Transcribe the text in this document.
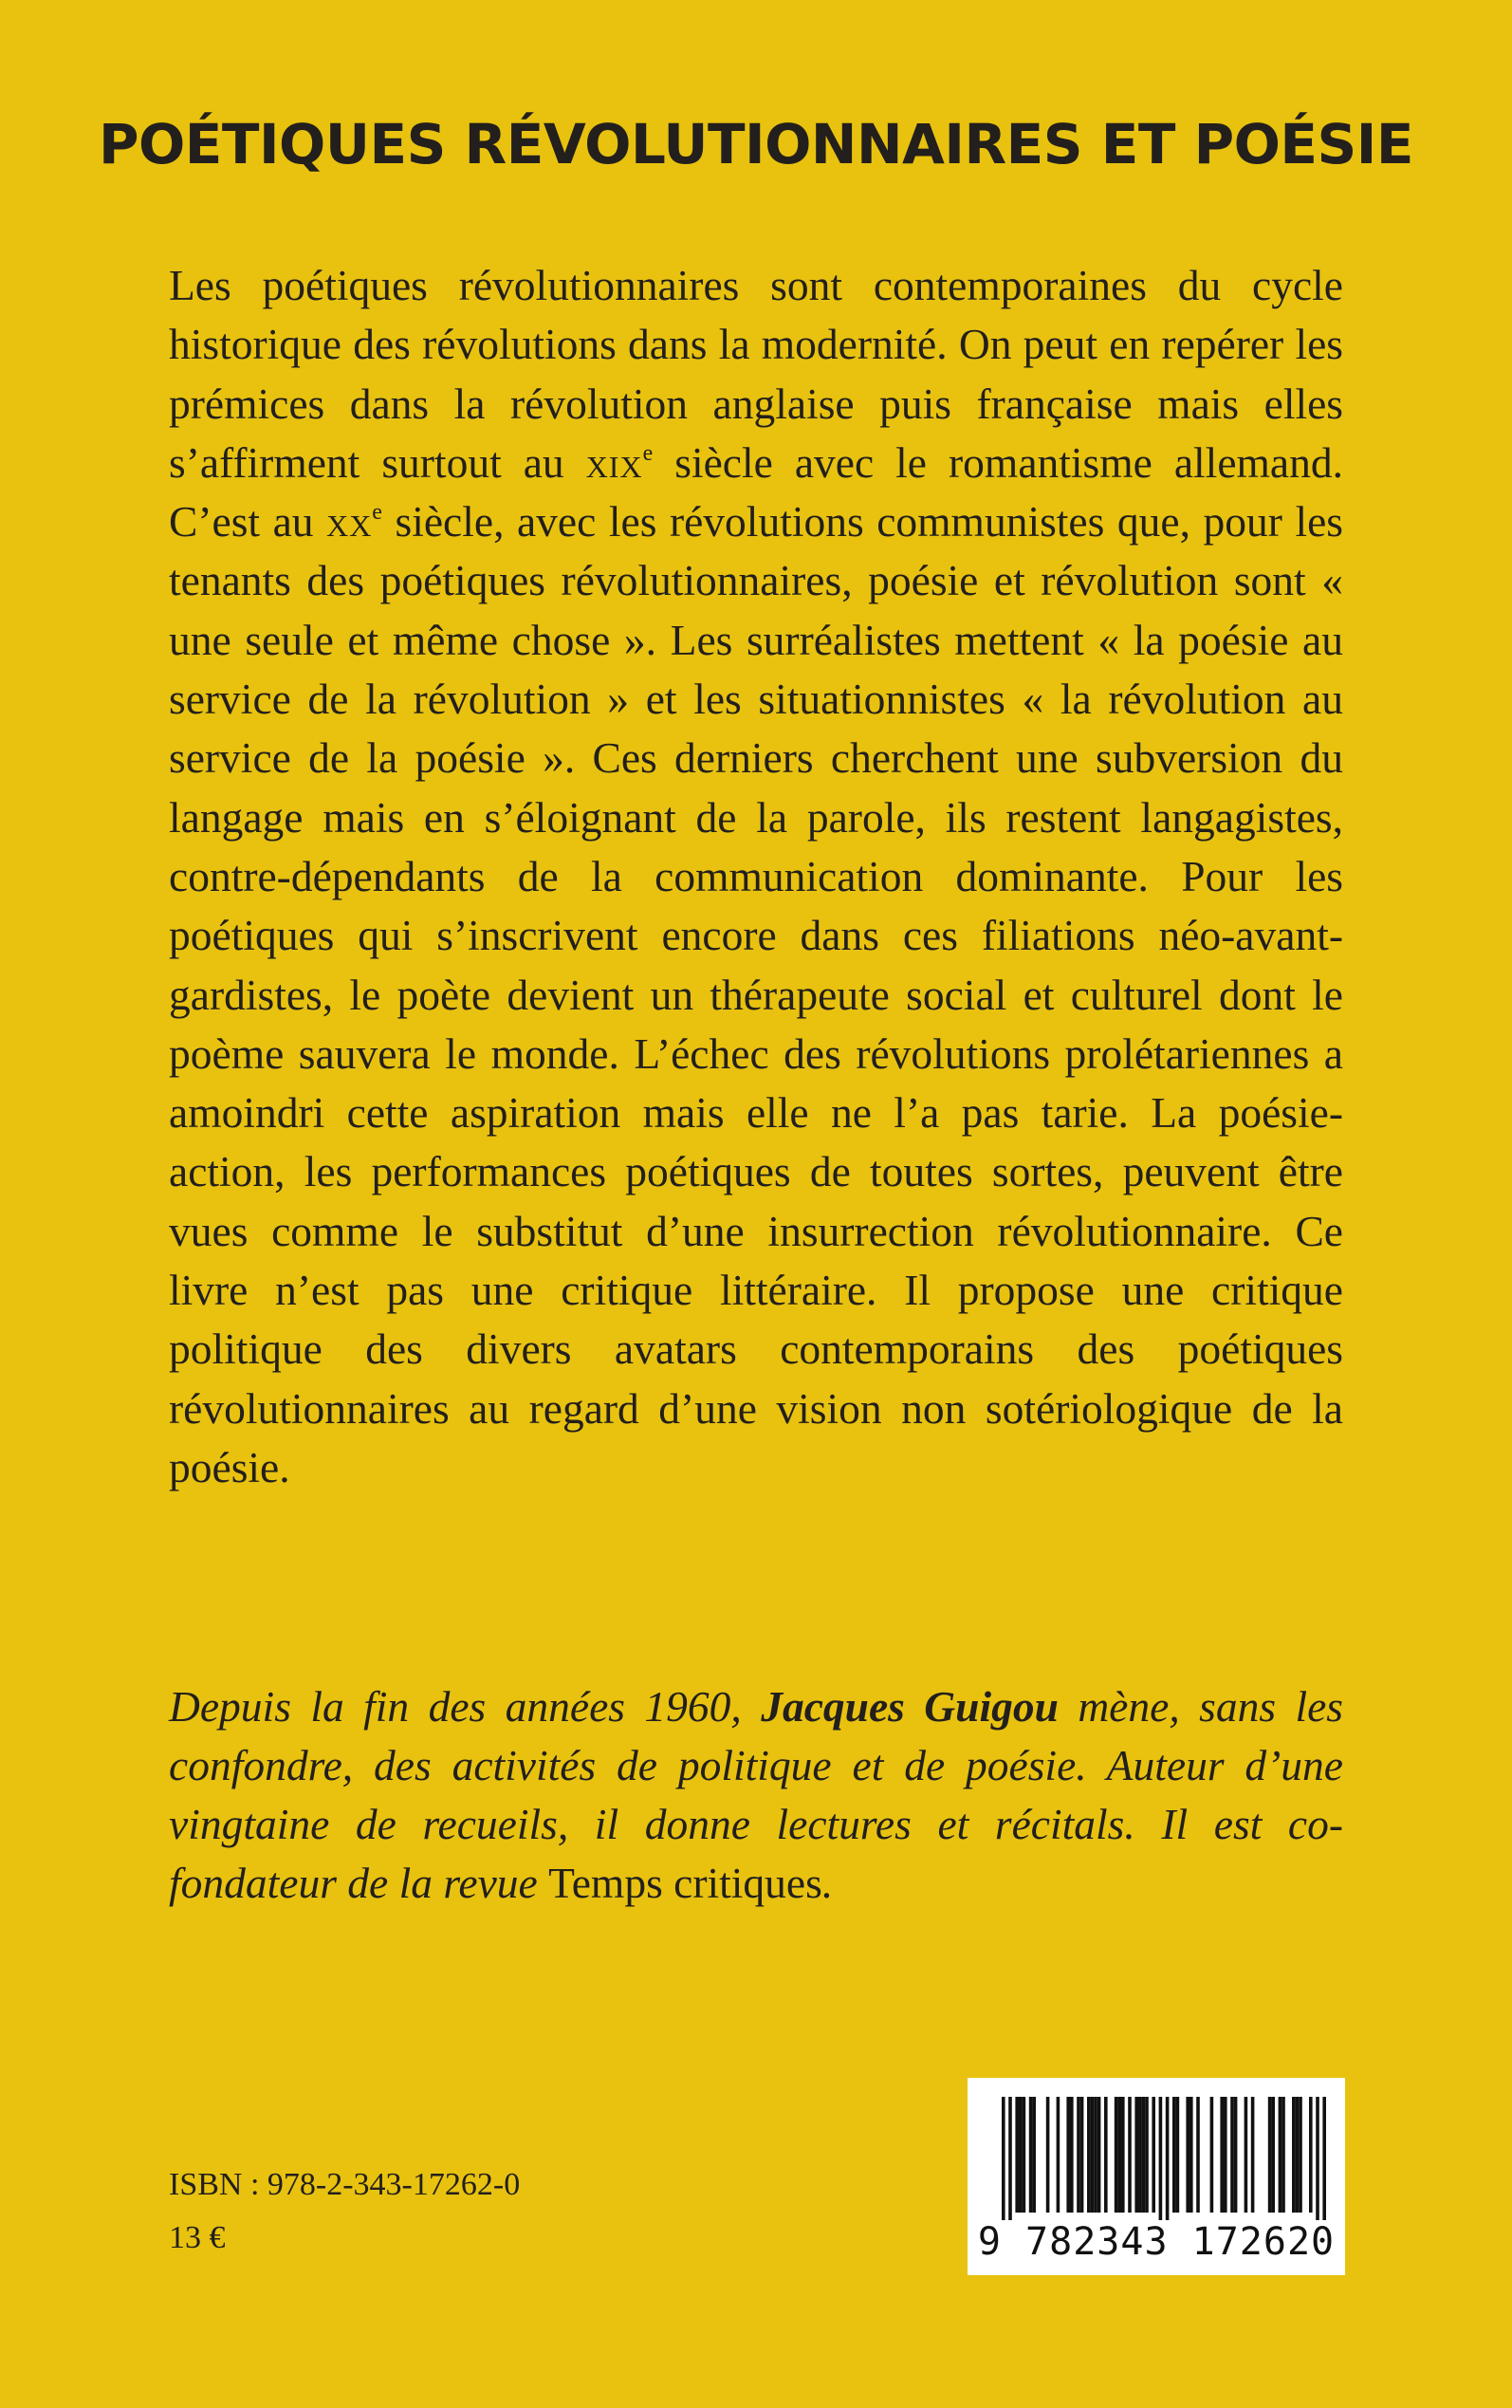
POÉTIQUES RÉVOLUTIONNAIRES ET POÉSIE

Les poétiques révolutionnaires sont contemporaines du cycle historique des révolutions dans la modernité. On peut en repérer les prémices dans la révolution anglaise puis française mais elles s’affirment surtout au xix$^e$ siècle avec le romantisme allemand. C’est au $xx^e$ siècle, avec les révolutions communistes que, pour les tenants des poétiques révolutionnaires, poésie et révolution sont « une seule et même chose ». Les surréalistes mettent « la poésie au service de la révolution » et les situationnistes « la révolution au service de la poésie ». Ces derniers cherchent une subversion du langage mais en s’éloignant de la parole, ils restent langagistes, contre-dépendants de la communication dominante. Pour les poétiques qui s’inscrivent encore dans ces filiations néo-avant-gardistes, le poète devient un thérapeute social et culturel dont le poème sauvera le monde. L’échec des révolutions prolétariennes a amoindri cette aspiration mais elle ne l’a pas tarie. La poésie-action, les performances poétiques de toutes sortes, peuvent être vues comme le substitut d’une insurrection révolutionnaire. Ce livre n’est pas une critique littéraire. Il propose une critique politique des divers avatars contemporains des poétiques révolutionnaires au regard d’une vision non sotériologique de la poésie.

Depuis la fin des années 1960, Jacques Guigou mène, sans les confondre, des activités de politique et de poésie. Auteur d’une vingtaine de recueils, il donne lectures et récitals. Il est co-fondateur de la revue Temps critiques.

ISBN : 978-2-343-17262-0

13 €	9 782343 172620
